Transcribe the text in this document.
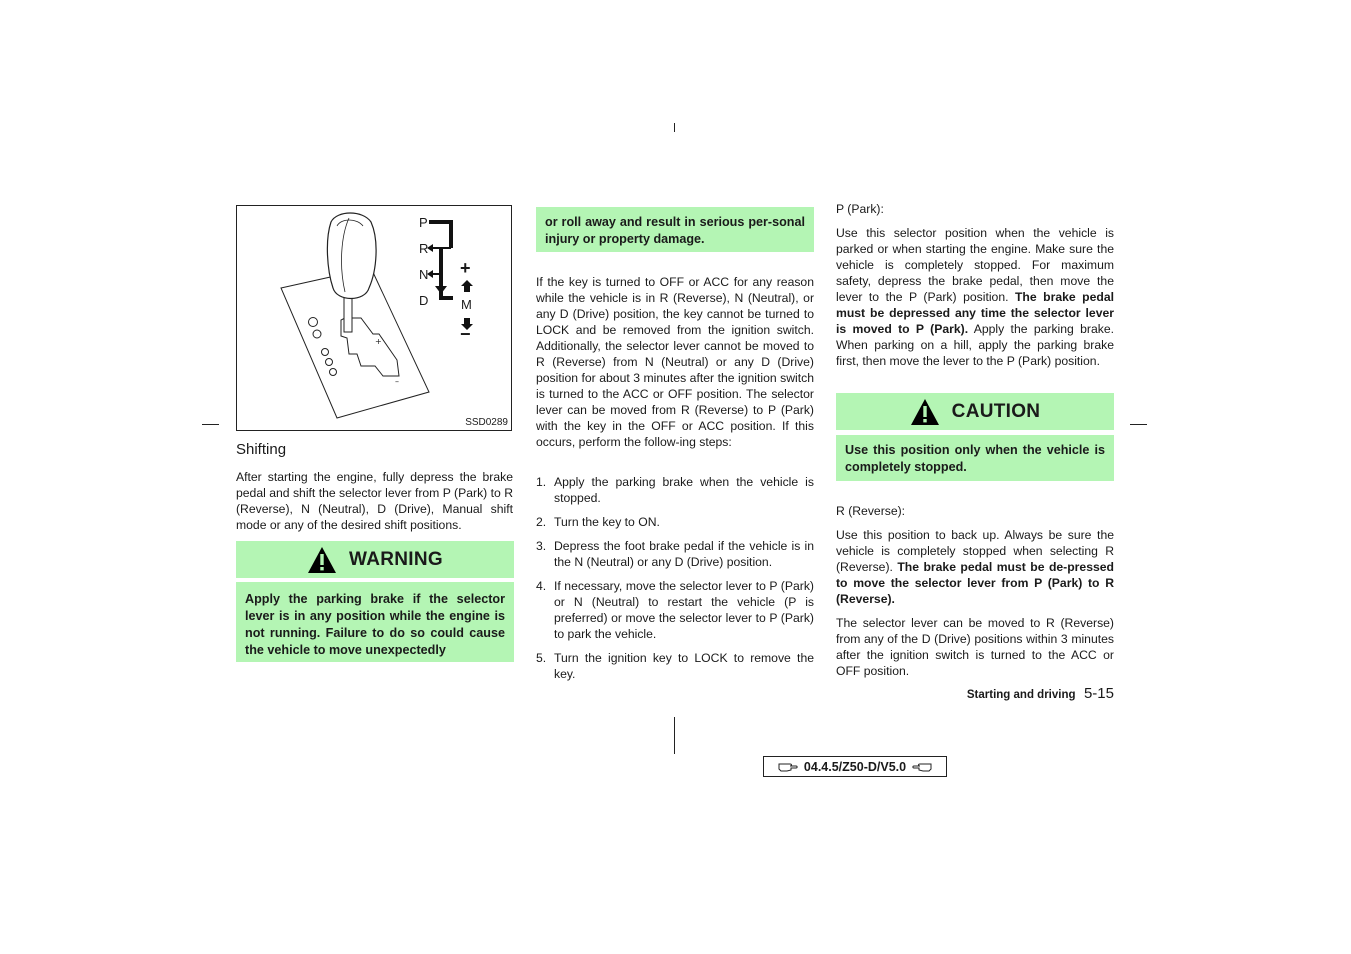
+
–
P
R
N
D
+
M
−
SSD0289
Shifting

After starting the engine, fully depress the brake pedal and shift the selector lever from P (Park) to R (Reverse), N (Neutral), D (Drive), Manual shift mode or any of the desired shift positions.

WARNING
Apply the parking brake if the selector lever is in any position while the engine is not running. Failure to do so could cause the vehicle to move unexpectedly
or roll away and result in serious per-sonal injury or property damage.

If the key is turned to OFF or ACC for any reason while the vehicle is in R (Reverse), N (Neutral), or any D (Drive) position, the key cannot be turned to LOCK and be removed from the ignition switch. Additionally, the selector lever cannot be moved to R (Reverse) from N (Neutral) or any D (Drive) position for about 3 minutes after the ignition switch is turned to the ACC or OFF position. The selector lever can be moved from R (Reverse) to P (Park) with the key in the OFF or ACC position. If this occurs, perform the follow-ing steps:

1. Apply the parking brake when the vehicle is stopped.
2. Turn the key to ON.
3. Depress the foot brake pedal if the vehicle is in the N (Neutral) or any D (Drive) position.
4. If necessary, move the selector lever to P (Park) or N (Neutral) to restart the vehicle (P is preferred) or move the selector lever to P (Park) to park the vehicle.
5. Turn the ignition key to LOCK to remove the key.
P (Park):

Use this selector position when the vehicle is parked or when starting the engine. Make sure the vehicle is completely stopped. For maximum safety, depress the brake pedal, then move the lever to the P (Park) position. The brake pedal must be depressed any time the selector lever is moved to P (Park). Apply the parking brake. When parking on a hill, apply the parking brake first, then move the lever to the P (Park) position.

CAUTION
Use this position only when the vehicle is completely stopped.
R (Reverse):

Use this position to back up. Always be sure the vehicle is completely stopped when selecting R (Reverse). The brake pedal must be de-pressed to move the selector lever from P (Park) to R (Reverse).

The selector lever can be moved to R (Reverse) from any of the D (Drive) positions within 3 minutes after the ignition switch is turned to the ACC or OFF position.

Starting and driving 5-15
04.4.5/Z50-D/V5.0
